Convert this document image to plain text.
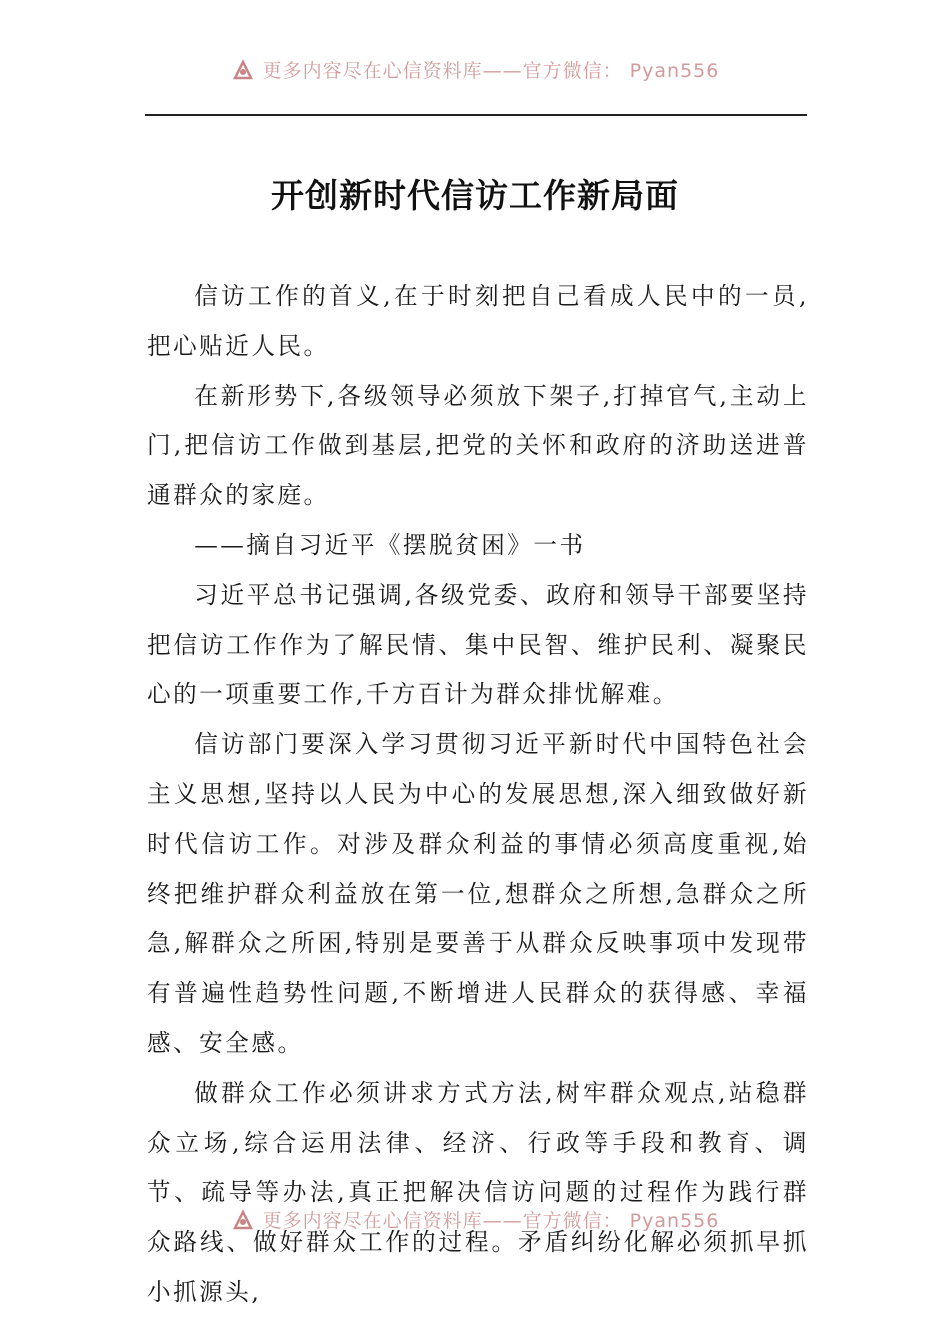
更多内容尽在心信资料库——官方微信： Pyan556
开创新时代信访工作新局面

信访工作的首义,在于时刻把自己看成人民中的一员,把心贴近人民。

在新形势下,各级领导必须放下架子,打掉官气,主动上门,把信访工作做到基层,把党的关怀和政府的济助送进普通群众的家庭。

——摘自习近平《摆脱贫困》一书

习近平总书记强调,各级党委、政府和领导干部要坚持把信访工作作为了解民情、集中民智、维护民利、凝聚民心的一项重要工作,千方百计为群众排忧解难。

信访部门要深入学习贯彻习近平新时代中国特色社会主义思想,坚持以人民为中心的发展思想,深入细致做好新时代信访工作。对涉及群众利益的事情必须高度重视,始终把维护群众利益放在第一位,想群众之所想,急群众之所急,解群众之所困,特别是要善于从群众反映事项中发现带有普遍性趋势性问题,不断增进人民群众的获得感、幸福感、安全感。

做群众工作必须讲求方式方法,树牢群众观点,站稳群众立场,综合运用法律、经济、行政等手段和教育、调节、疏导等办法,真正把解决信访问题的过程作为践行群众路线、做好群众工作的过程。矛盾纠纷化解必须抓早抓小抓源头,

更多内容尽在心信资料库——官方微信： Pyan556
